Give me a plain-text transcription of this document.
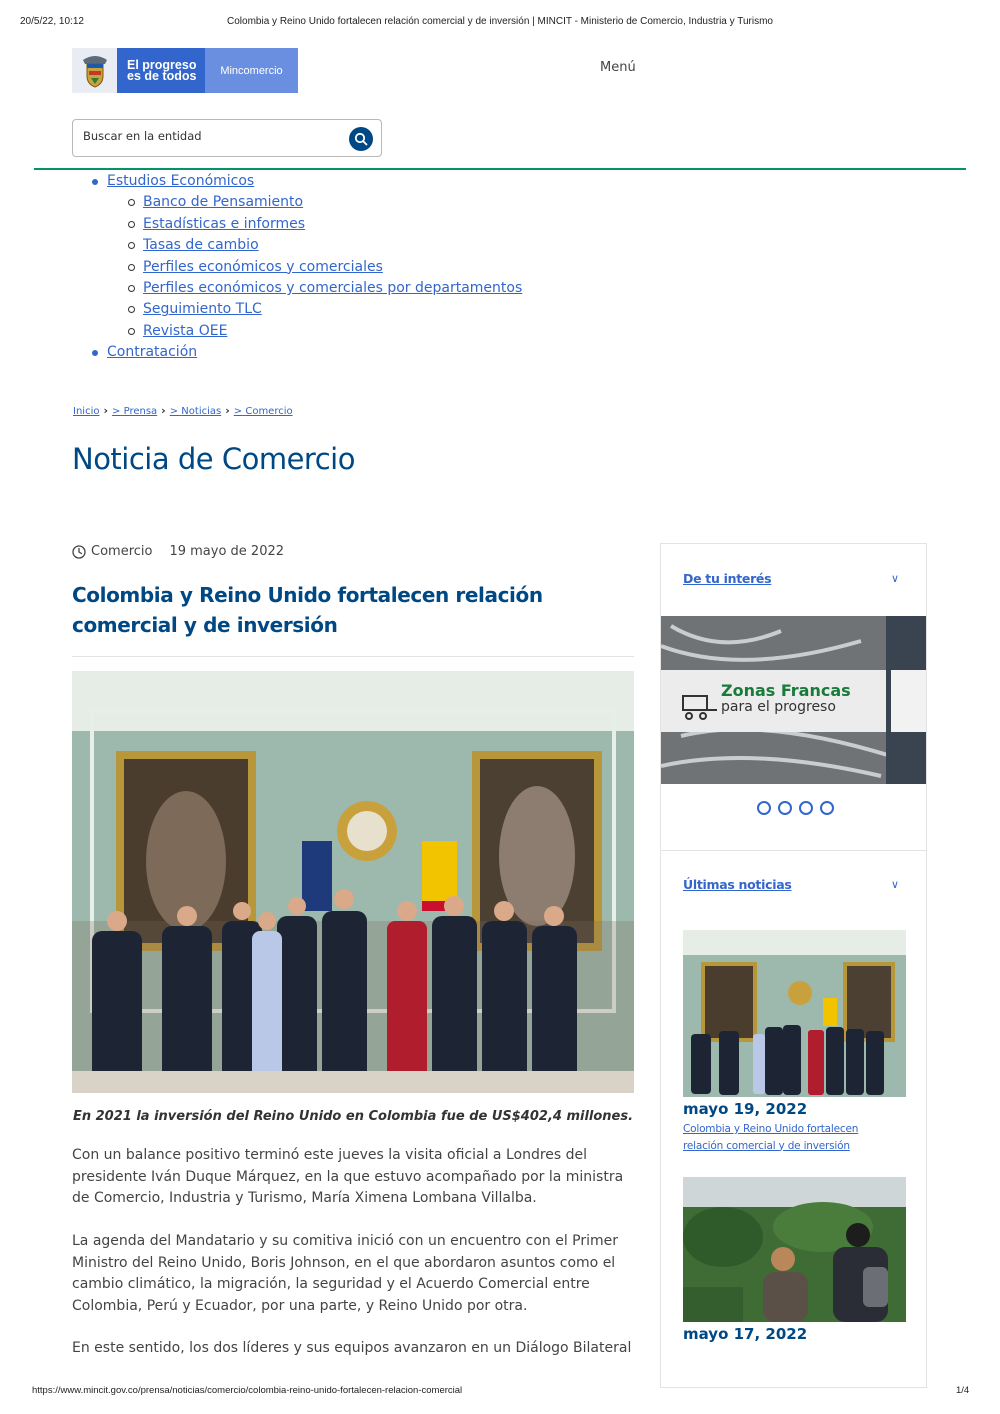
20/5/22, 10:12	Colombia y Reino Unido fortalecen relación comercial y de inversión | MINCIT - Ministerio de Comercio, Industria y Turismo
El progreso
es de todos	Mincomercio	Menú
Buscar en la entidad
Estudios Económicos
Banco de Pensamiento
Estadísticas e informes
Tasas de cambio
Perfiles económicos y comerciales
Perfiles económicos y comerciales por departamentos
Seguimiento TLC
Revista OEE
Contratación
Inicio › > Prensa › > Noticias › > Comercio
Noticia de Comercio
Comercio 19 mayo de 2022
Colombia y Reino Unido fortalecen relación comercial y de inversión
En 2021 la inversión del Reino Unido en Colombia fue de US$402,4 millones.

Con un balance positivo terminó este jueves la visita oficial a Londres del presidente Iván Duque Márquez, en la que estuvo acompañado por la ministra de Comercio, Industria y Turismo, María Ximena Lombana Villalba.

La agenda del Mandatario y su comitiva inició con un encuentro con el Primer Ministro del Reino Unido, Boris Johnson, en el que abordaron asuntos como el cambio climático, la migración, la seguridad y el Acuerdo Comercial entre Colombia, Perú y Ecuador, por una parte, y Reino Unido por otra.

En este sentido, los dos líderes y sus equipos avanzaron en un Diálogo Bilateral

De tu interés	∨
Zonas Francas
para el progreso
Últimas noticias	∨
mayo 19, 2022
Colombia y Reino Unido fortalecen relación comercial y de inversión
mayo 17, 2022
https://www.mincit.gov.co/prensa/noticias/comercio/colombia-reino-unido-fortalecen-relacion-comercial	1/4
